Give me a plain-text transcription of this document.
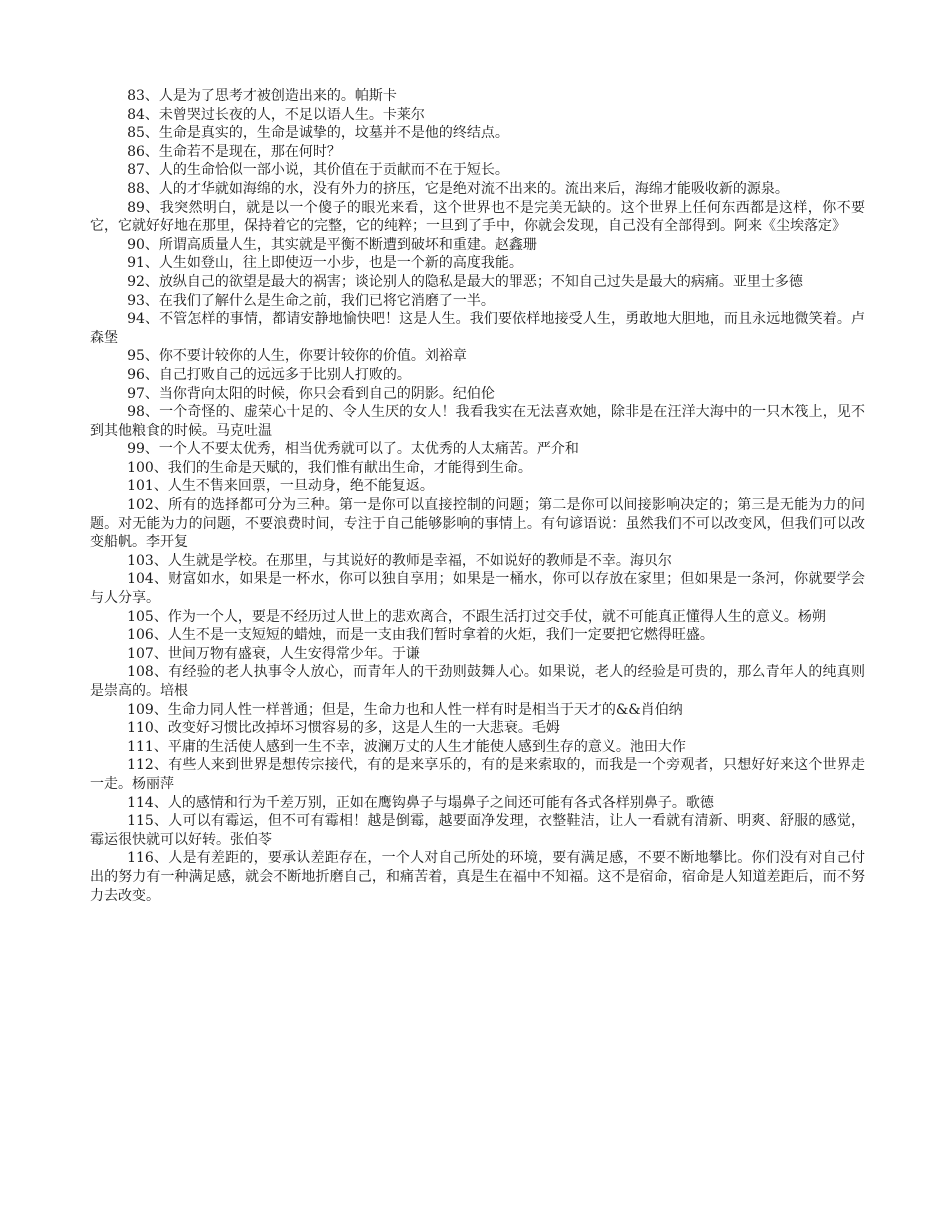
83、人是为了思考才被创造出来的。帕斯卡

84、未曾哭过长夜的人，不足以语人生。卡莱尔

85、生命是真实的，生命是诚挚的，坟墓并不是他的终结点。

86、生命若不是现在，那在何时？

87、人的生命恰似一部小说，其价值在于贡献而不在于短长。

88、人的才华就如海绵的水，没有外力的挤压，它是绝对流不出来的。流出来后，海绵才能吸收新的源泉。

89、我突然明白，就是以一个傻子的眼光来看，这个世界也不是完美无缺的。这个世界上任何东西都是这样，你不要它，它就好好地在那里，保持着它的完整，它的纯粹；一旦到了手中，你就会发现，自己没有全部得到。阿来《尘埃落定》

90、所谓高质量人生，其实就是平衡不断遭到破坏和重建。赵鑫珊

91、人生如登山，往上即使迈一小步，也是一个新的高度我能。

92、放纵自己的欲望是最大的祸害；谈论别人的隐私是最大的罪恶；不知自己过失是最大的病痛。亚里士多德

93、在我们了解什么是生命之前，我们已将它消磨了一半。

94、不管怎样的事情，都请安静地愉快吧！这是人生。我们要依样地接受人生，勇敢地大胆地，而且永远地微笑着。卢森堡

95、你不要计较你的人生，你要计较你的价值。刘裕章

96、自己打败自己的远远多于比别人打败的。

97、当你背向太阳的时候，你只会看到自己的阴影。纪伯伦

98、一个奇怪的、虚荣心十足的、令人生厌的女人！我看我实在无法喜欢她，除非是在汪洋大海中的一只木筏上，见不到其他粮食的时候。马克吐温

99、一个人不要太优秀，相当优秀就可以了。太优秀的人太痛苦。严介和

100、我们的生命是天赋的，我们惟有献出生命，才能得到生命。

101、人生不售来回票，一旦动身，绝不能复返。

102、所有的选择都可分为三种。第一是你可以直接控制的问题；第二是你可以间接影响决定的；第三是无能为力的问题。对无能为力的问题，不要浪费时间，专注于自己能够影响的事情上。有句谚语说：虽然我们不可以改变风，但我们可以改变船帆。李开复

103、人生就是学校。在那里，与其说好的教师是幸福，不如说好的教师是不幸。海贝尔

104、财富如水，如果是一杯水，你可以独自享用；如果是一桶水，你可以存放在家里；但如果是一条河，你就要学会与人分享。

105、作为一个人，要是不经历过人世上的悲欢离合，不跟生活打过交手仗，就不可能真正懂得人生的意义。杨朔

106、人生不是一支短短的蜡烛，而是一支由我们暂时拿着的火炬，我们一定要把它燃得旺盛。

107、世间万物有盛衰，人生安得常少年。于谦

108、有经验的老人执事令人放心，而青年人的干劲则鼓舞人心。如果说，老人的经验是可贵的，那么青年人的纯真则是崇高的。培根

109、生命力同人性一样普通；但是，生命力也和人性一样有时是相当于天才的&&肖伯纳

110、改变好习惯比改掉坏习惯容易的多，这是人生的一大悲衰。毛姆

111、平庸的生活使人感到一生不幸，波澜万丈的人生才能使人感到生存的意义。池田大作

112、有些人来到世界是想传宗接代，有的是来享乐的，有的是来索取的，而我是一个旁观者，只想好好来这个世界走一走。杨丽萍

114、人的感情和行为千差万别，正如在鹰钩鼻子与塌鼻子之间还可能有各式各样别鼻子。歌德

115、人可以有霉运，但不可有霉相！越是倒霉，越要面净发理，衣整鞋洁，让人一看就有清新、明爽、舒服的感觉，霉运很快就可以好转。张伯苓

116、人是有差距的，要承认差距存在，一个人对自己所处的环境，要有满足感，不要不断地攀比。你们没有对自己付出的努力有一种满足感，就会不断地折磨自己，和痛苦着，真是生在福中不知福。这不是宿命，宿命是人知道差距后，而不努力去改变。
